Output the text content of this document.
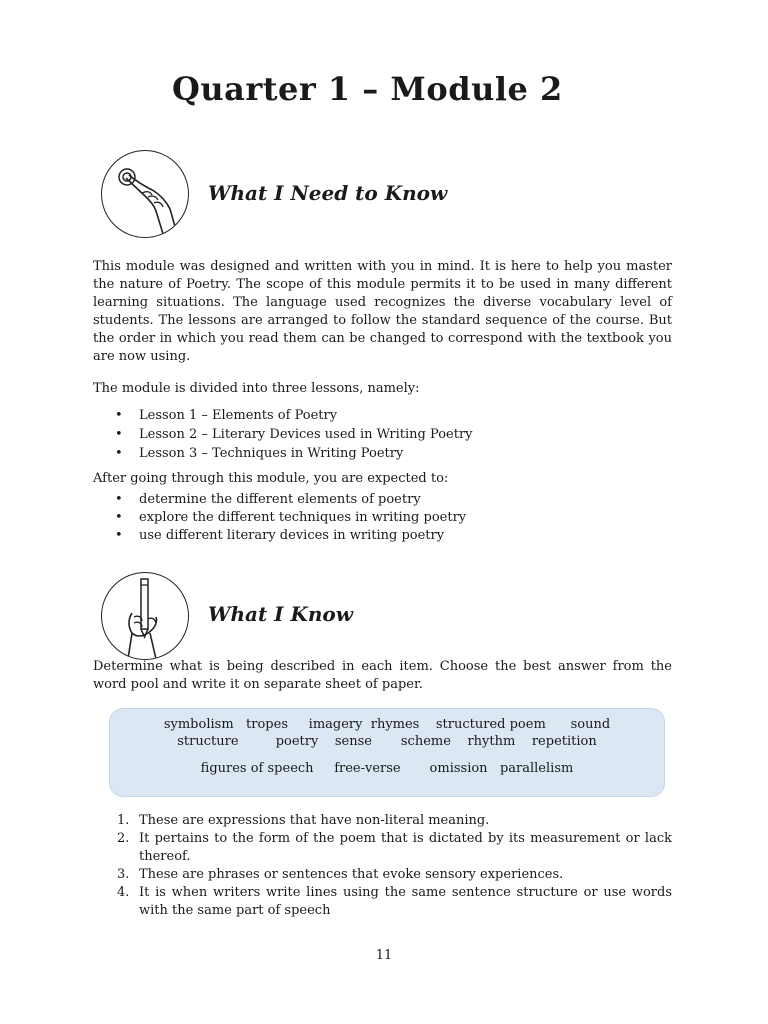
Quarter 1 – Module 2
What I Need to Know

This module was designed and written with you in mind. It is here to help you master the nature of Poetry. The scope of this module permits it to be used in many different learning situations. The language used recognizes the diverse vocabulary level of students. The lessons are arranged to follow the standard sequence of the course. But the order in which you read them can be changed to correspond with the textbook you are now using.

The module is divided into three lessons, namely:

• Lesson 1 – Elements of Poetry
• Lesson 2 – Literary Devices used in Writing Poetry
• Lesson 3 – Techniques in Writing Poetry

After going through this module, you are expected to:

• determine the different elements of poetry
• explore the different techniques in writing poetry
• use different literary devices in writing poetry
What I Know

Determine what is being described in each item. Choose the best answer from the word pool and write it on separate sheet of paper.

symbolism   tropes     imagery  rhymes    structured poem      sound
structure         poetry    sense       scheme    rhythm    repetition
figures of speech     free-verse       omission   parallelism
1. These are expressions that have non-literal meaning.
2. It pertains to the form of the poem that is dictated by its measurement or lack thereof.
3. These are phrases or sentences that evoke sensory experiences.
4. It is when writers write lines using the same sentence structure or use words with the same part of speech

11
